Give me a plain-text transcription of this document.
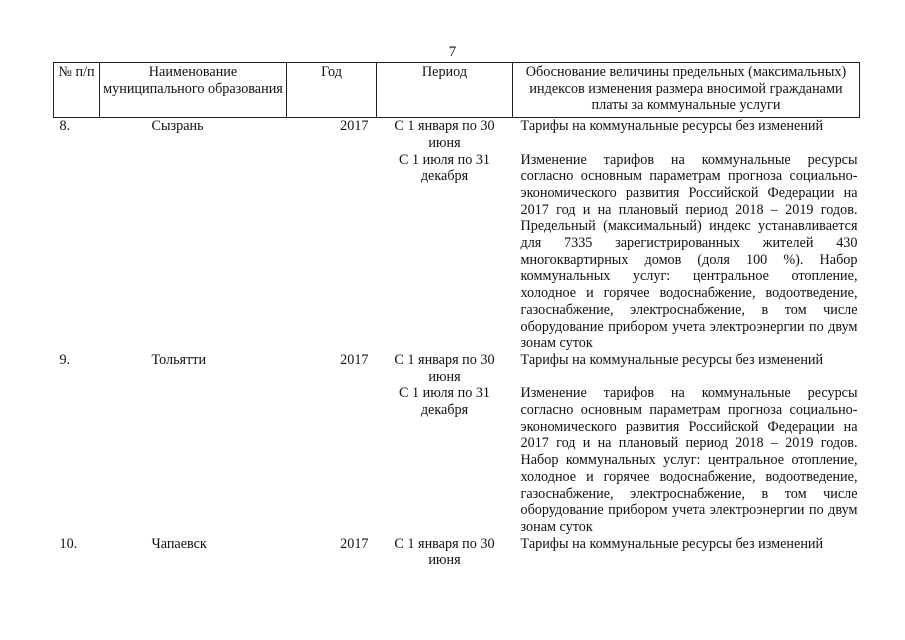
7
№ п/п	Наименование муниципального образования	Год	Период	Обоснование величины предельных (максимальных) индексов изменения размера вносимой гражданами платы за коммунальные услуги
8.	Сызрань	2017	С 1 января по 30 июня	Тарифы на коммунальные ресурсы без изменений
			С 1 июля по 31 декабря	Изменение тарифов на коммунальные ресурсы согласно основным параметрам прогноза социально-экономического развития Российской Федерации на 2017 год и на плановый период 2018 – 2019 годов. Предельный (максимальный) индекс устанавливается для 7335 зарегистрированных жителей 430 многоквартирных домов (доля 100 %). Набор коммунальных услуг: центральное отопление, холодное и горячее водоснабжение, водоотведение, газоснабжение, электроснабжение, в том числе оборудование прибором учета электроэнергии по двум зонам суток
9.	Тольятти	2017	С 1 января по 30 июня	Тарифы на коммунальные ресурсы без изменений
			С 1 июля по 31 декабря	Изменение тарифов на коммунальные ресурсы согласно основным параметрам прогноза социально-экономического развития Российской Федерации на 2017 год и на плановый период 2018 – 2019 годов. Набор коммунальных услуг: центральное отопление, холодное и горячее водоснабжение, водоотведение, газоснабжение, электроснабжение, в том числе оборудование прибором учета электроэнергии по двум зонам суток
10.	Чапаевск	2017	С 1 января по 30 июня	Тарифы на коммунальные ресурсы без изменений
